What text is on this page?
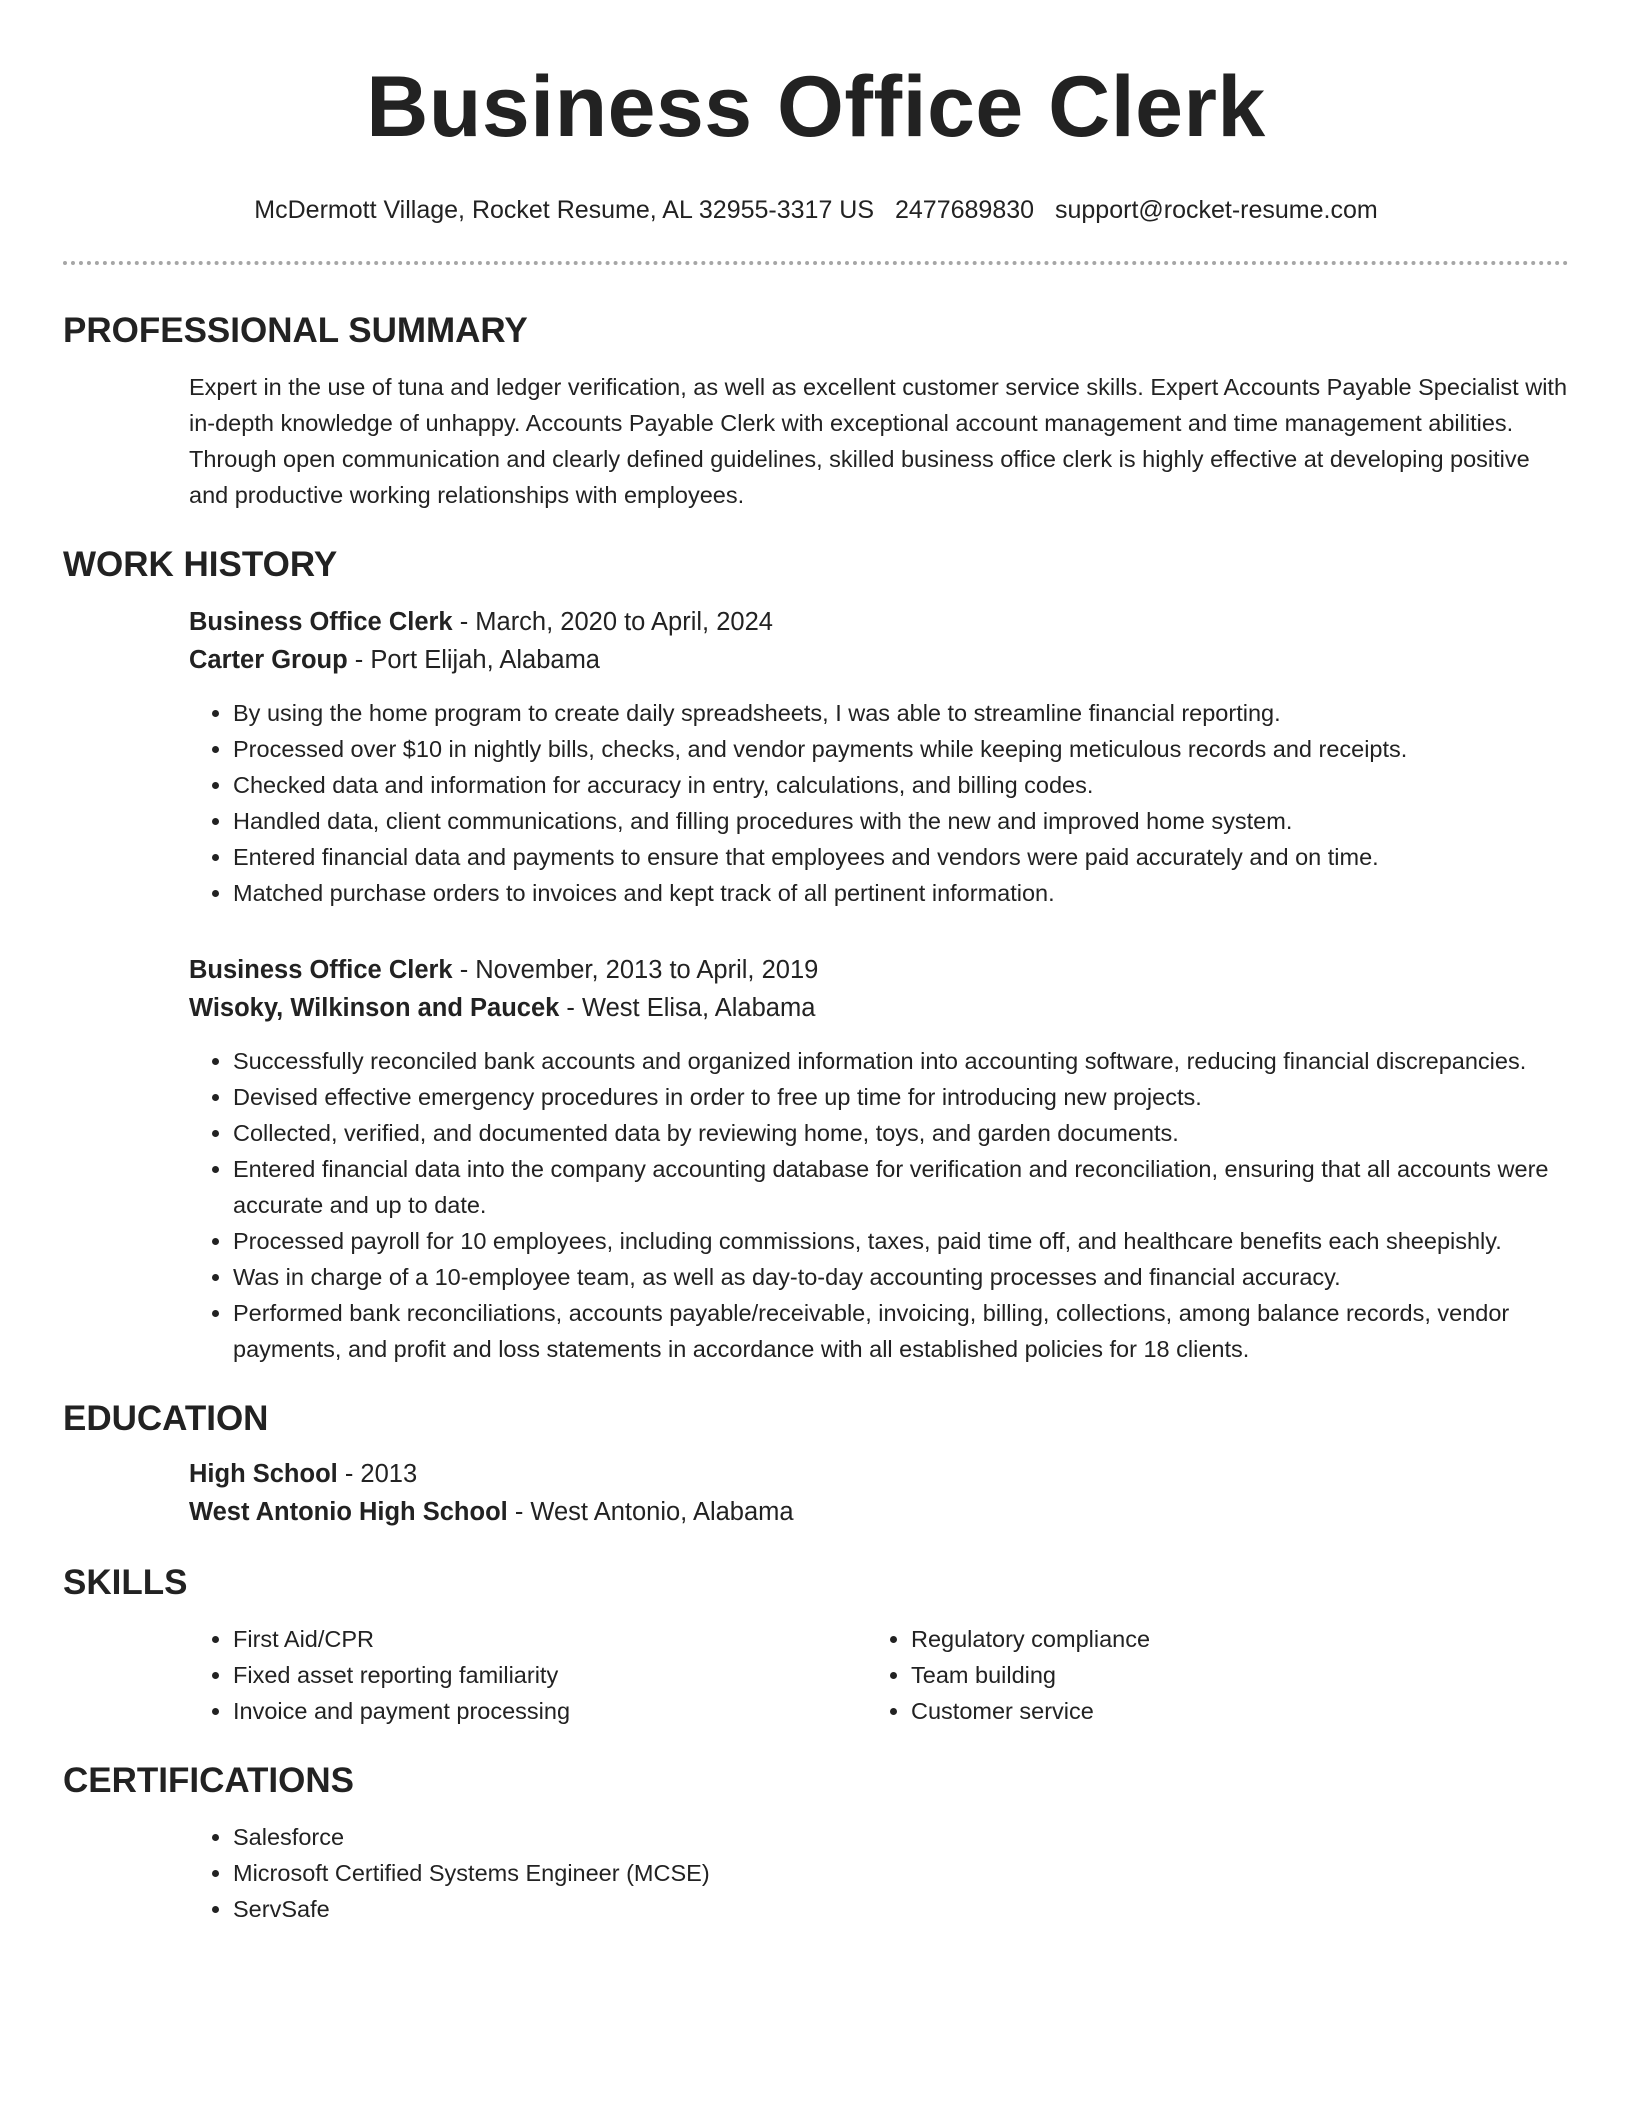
Business Office Clerk
McDermott Village, Rocket Resume, AL 32955-3317 US 2477689830 support@rocket-resume.com
PROFESSIONAL SUMMARY

Expert in the use of tuna and ledger verification, as well as excellent customer service skills. Expert Accounts Payable Specialist with in-depth knowledge of unhappy. Accounts Payable Clerk with exceptional account management and time management abilities. Through open communication and clearly defined guidelines, skilled business office clerk is highly effective at developing positive and productive working relationships with employees.

WORK HISTORY
Business Office Clerk - March, 2020 to April, 2024
Carter Group - Port Elijah, Alabama
• By using the home program to create daily spreadsheets, I was able to streamline financial reporting.
• Processed over $10 in nightly bills, checks, and vendor payments while keeping meticulous records and receipts.
• Checked data and information for accuracy in entry, calculations, and billing codes.
• Handled data, client communications, and filling procedures with the new and improved home system.
• Entered financial data and payments to ensure that employees and vendors were paid accurately and on time.
• Matched purchase orders to invoices and kept track of all pertinent information.
Business Office Clerk - November, 2013 to April, 2019
Wisoky, Wilkinson and Paucek - West Elisa, Alabama
• Successfully reconciled bank accounts and organized information into accounting software, reducing financial discrepancies.
• Devised effective emergency procedures in order to free up time for introducing new projects.
• Collected, verified, and documented data by reviewing home, toys, and garden documents.
• Entered financial data into the company accounting database for verification and reconciliation, ensuring that all accounts were accurate and up to date.
• Processed payroll for 10 employees, including commissions, taxes, paid time off, and healthcare benefits each sheepishly.
• Was in charge of a 10-employee team, as well as day-to-day accounting processes and financial accuracy.
• Performed bank reconciliations, accounts payable/receivable, invoicing, billing, collections, among balance records, vendor payments, and profit and loss statements in accordance with all established policies for 18 clients.
EDUCATION
High School - 2013
West Antonio High School - West Antonio, Alabama
SKILLS
• First Aid/CPR
• Fixed asset reporting familiarity
• Invoice and payment processing
• Regulatory compliance
• Team building
• Customer service
CERTIFICATIONS
• Salesforce
• Microsoft Certified Systems Engineer (MCSE)
• ServSafe
